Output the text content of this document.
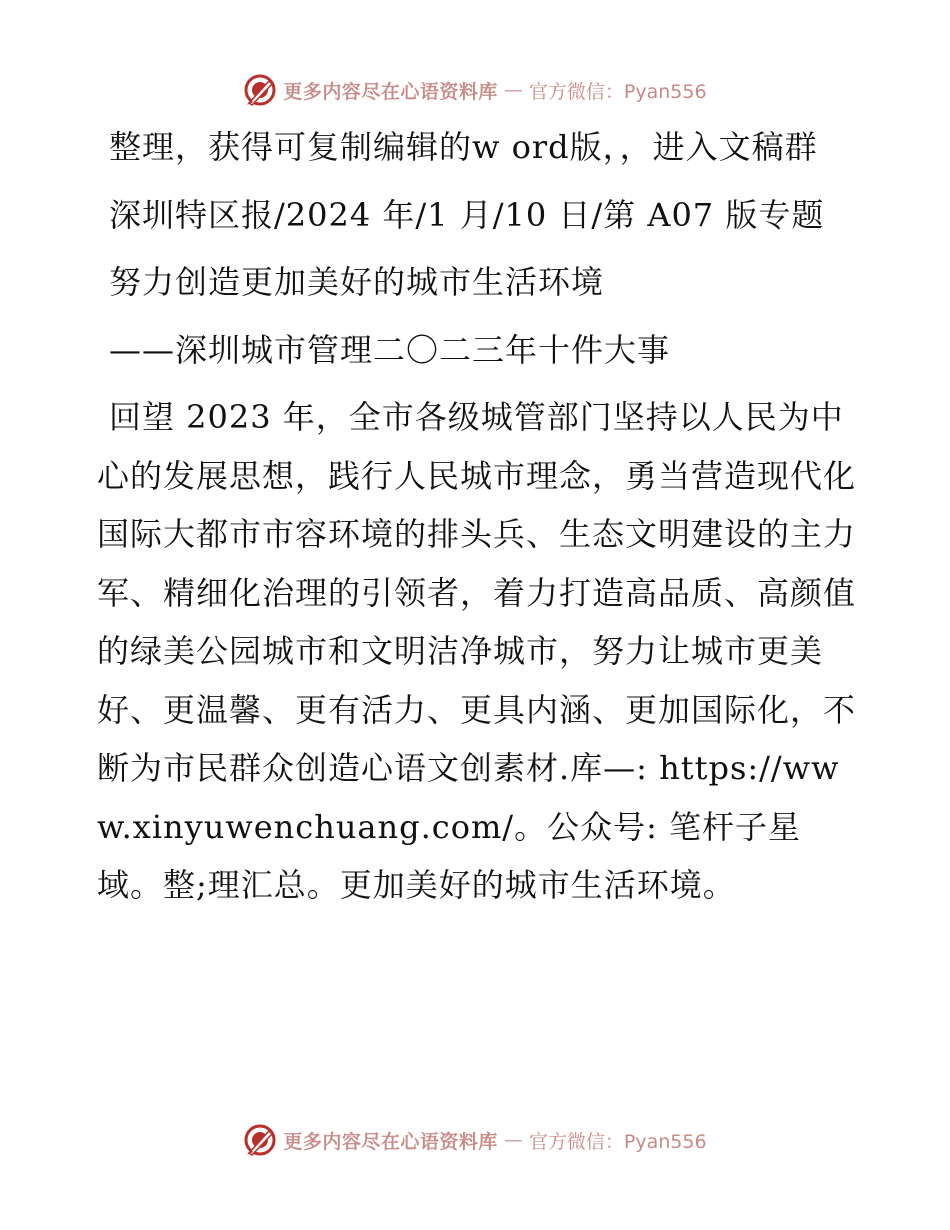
更多内容尽在心语资料库 — 官方微信：Pyan556

整理，获得可复制编辑的w ord版，，进入文稿群

深圳特区报/2024 年/1 月/10 日/第 A07 版专题

努力创造更加美好的城市生活环境

——深圳城市管理二〇二三年十件大事

回望 2023 年，全市各级城管部门坚持以人民为中心的发展思想，践行人民城市理念，勇当营造现代化国际大都市市容环境的排头兵、生态文明建设的主力军、精细化治理的引领者，着力打造高品质、高颜值的绿美公园城市和文明洁净城市，努力让城市更美好、更温馨、更有活力、更具内涵、更加国际化，不断为市民群众创造心语文创素材.库—: https://www.xinyuwenchuang.com/。公众号: 笔杆子星域。整;理汇总。更加美好的城市生活环境。

更多内容尽在心语资料库 — 官方微信：Pyan556
